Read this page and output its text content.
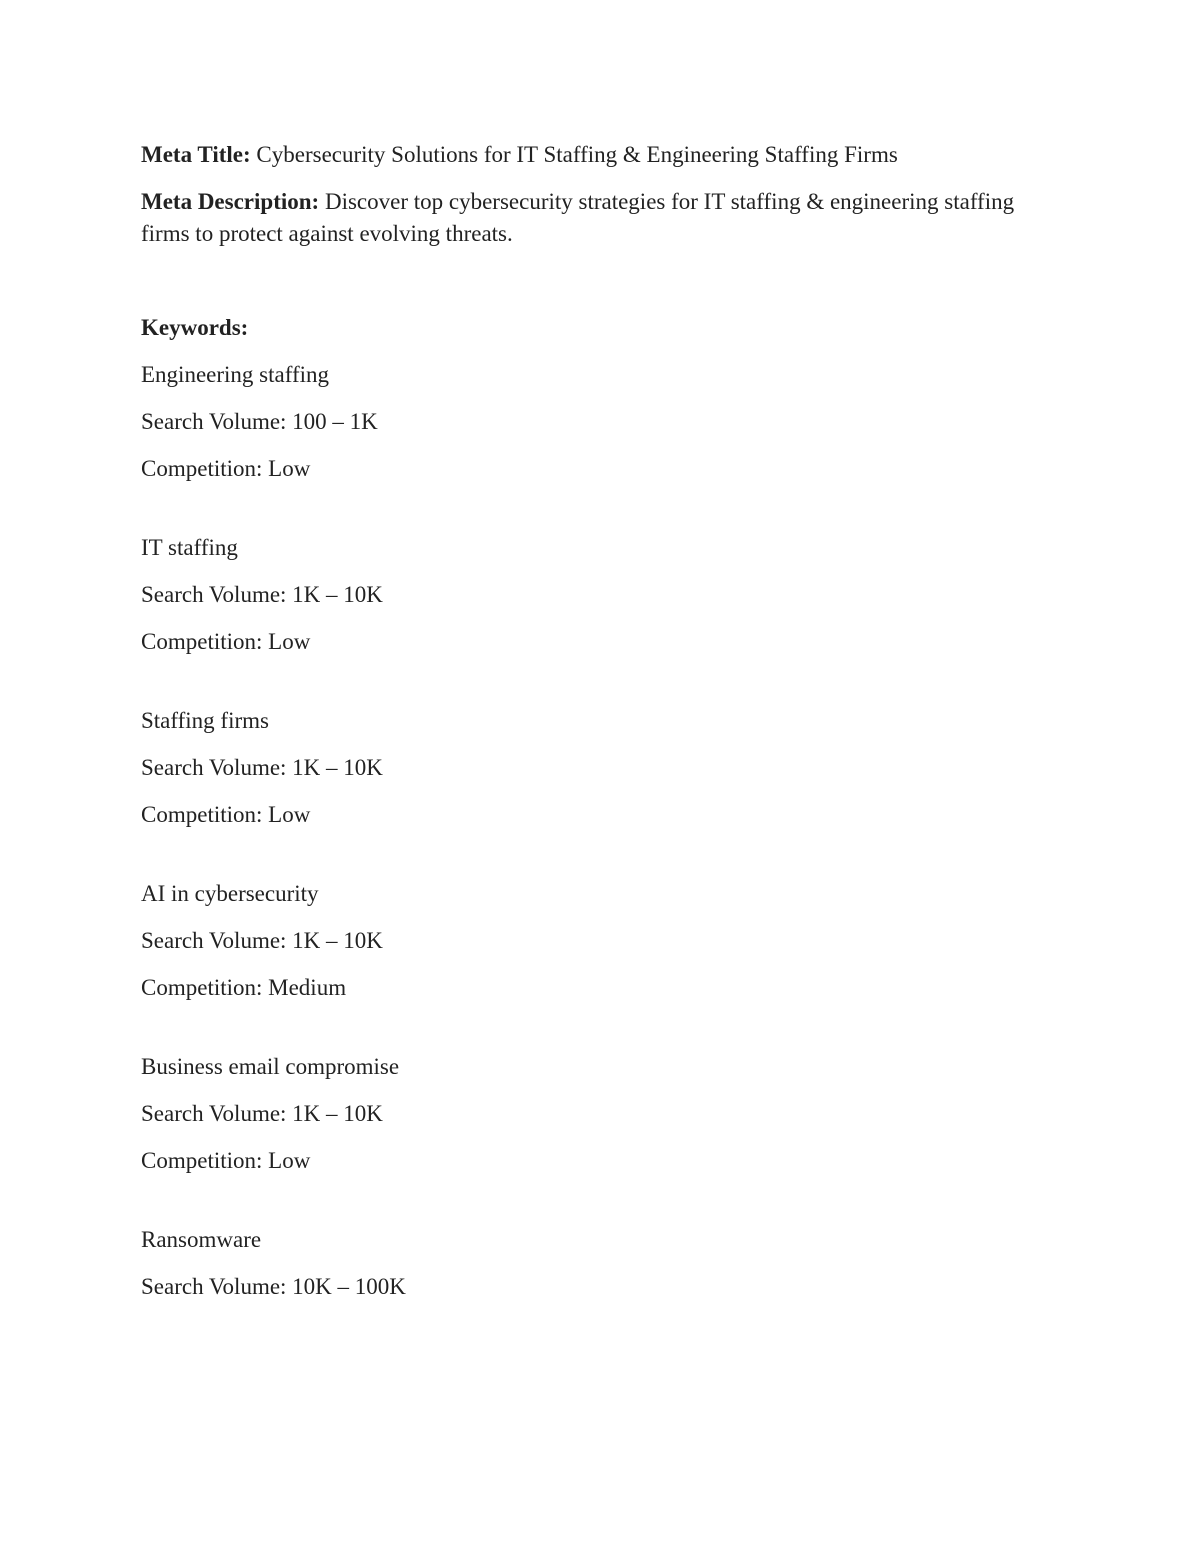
Meta Title: Cybersecurity Solutions for IT Staffing & Engineering Staffing Firms

Meta Description: Discover top cybersecurity strategies for IT staffing & engineering staffing firms to protect against evolving threats.

Keywords:

Engineering staffing

Search Volume: 100 – 1K

Competition: Low

IT staffing

Search Volume: 1K – 10K

Competition: Low

Staffing firms

Search Volume: 1K – 10K

Competition: Low

AI in cybersecurity

Search Volume: 1K – 10K

Competition: Medium

Business email compromise

Search Volume: 1K – 10K

Competition: Low

Ransomware

Search Volume: 10K – 100K
